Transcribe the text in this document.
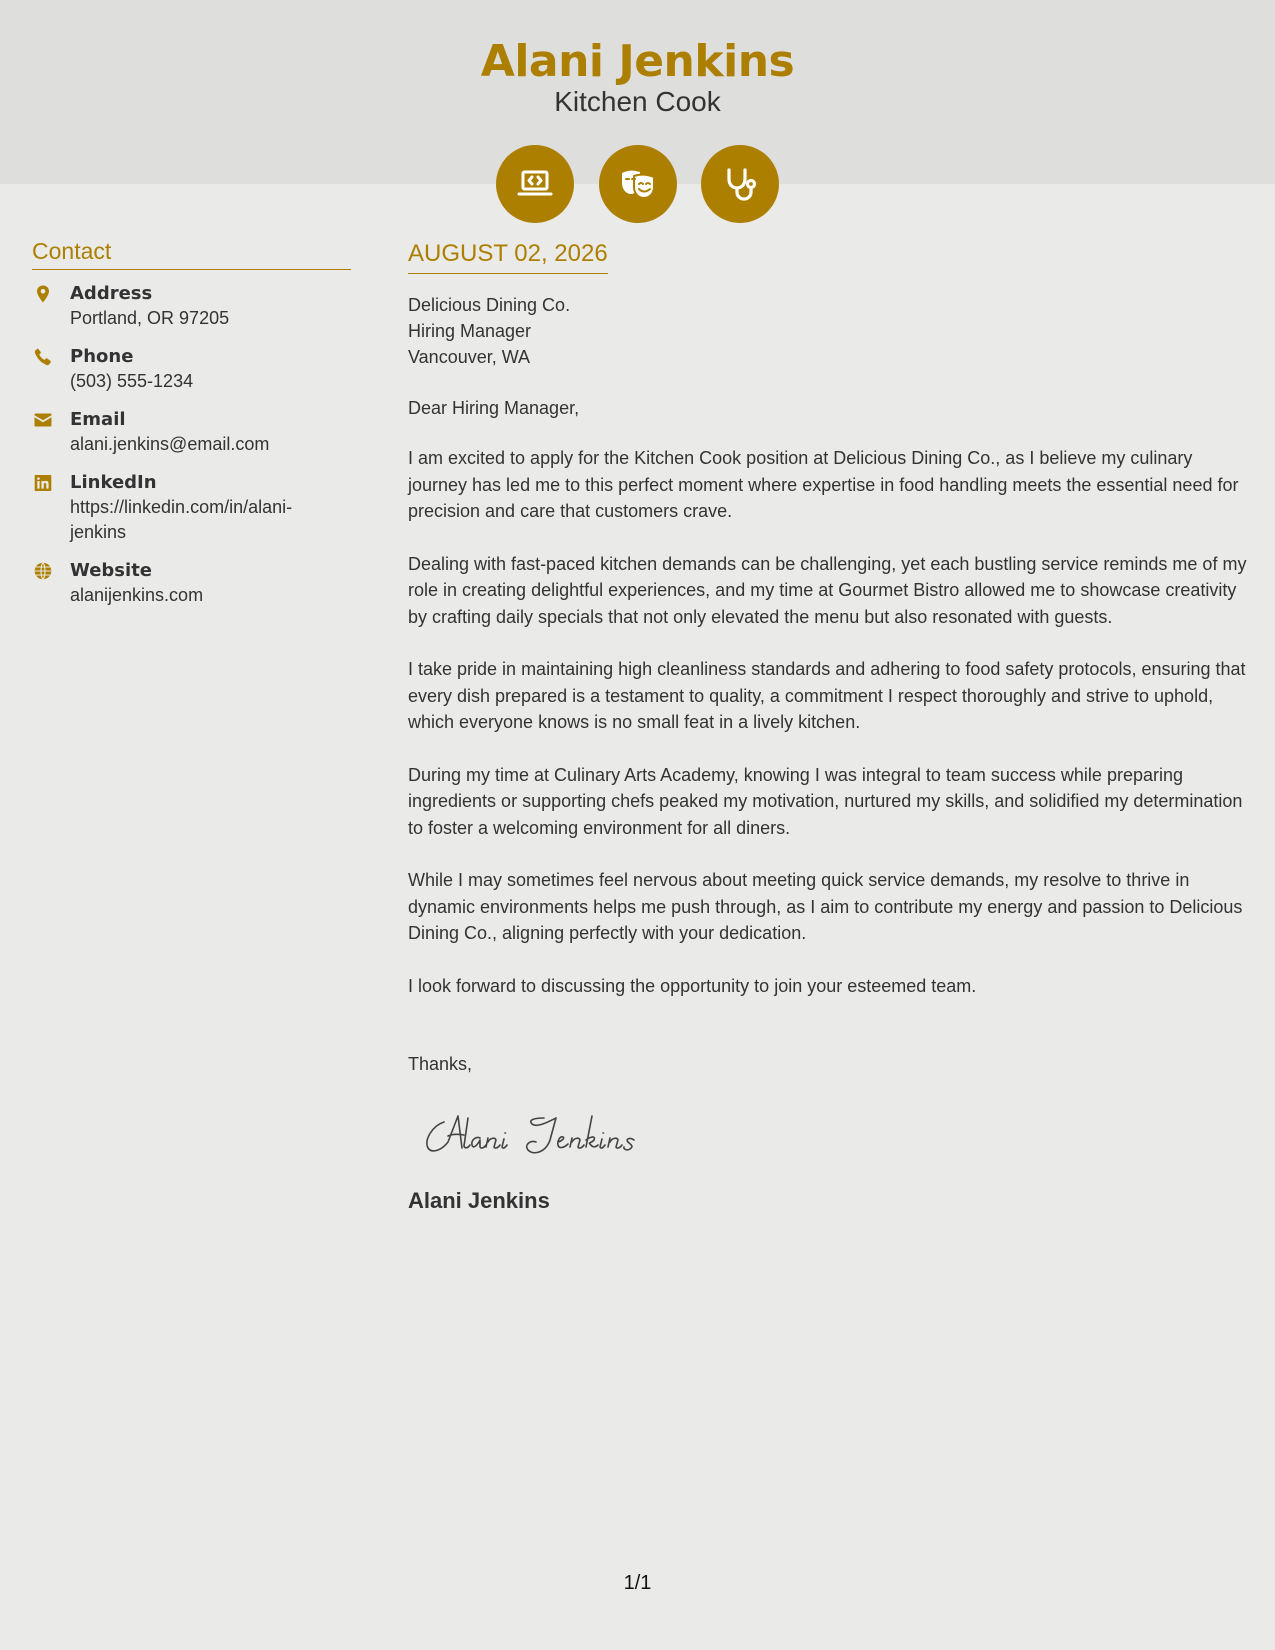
Alani Jenkins
Kitchen Cook
Contact
Address
Portland, OR 97205
Phone
(503) 555-1234
Email
alani.jenkins@email.com
LinkedIn
https://linkedin.com/in/alani-jenkins
Website
alanijenkins.com
AUGUST 02, 2026
Delicious Dining Co.
Hiring Manager
Vancouver, WA
Dear Hiring Manager,

I am excited to apply for the Kitchen Cook position at Delicious Dining Co., as I believe my culinary journey has led me to this perfect moment where expertise in food handling meets the essential need for precision and care that customers crave.

Dealing with fast-paced kitchen demands can be challenging, yet each bustling service reminds me of my role in creating delightful experiences, and my time at Gourmet Bistro allowed me to showcase creativity by crafting daily specials that not only elevated the menu but also resonated with guests.

I take pride in maintaining high cleanliness standards and adhering to food safety protocols, ensuring that every dish prepared is a testament to quality, a commitment I respect thoroughly and strive to uphold, which everyone knows is no small feat in a lively kitchen.

During my time at Culinary Arts Academy, knowing I was integral to team success while preparing ingredients or supporting chefs peaked my motivation, nurtured my skills, and solidified my determination to foster a welcoming environment for all diners.

While I may sometimes feel nervous about meeting quick service demands, my resolve to thrive in dynamic environments helps me push through, as I aim to contribute my energy and passion to Delicious Dining Co., aligning perfectly with your dedication.

I look forward to discussing the opportunity to join your esteemed team.

Thanks,
Alani Jenkins
1/1
